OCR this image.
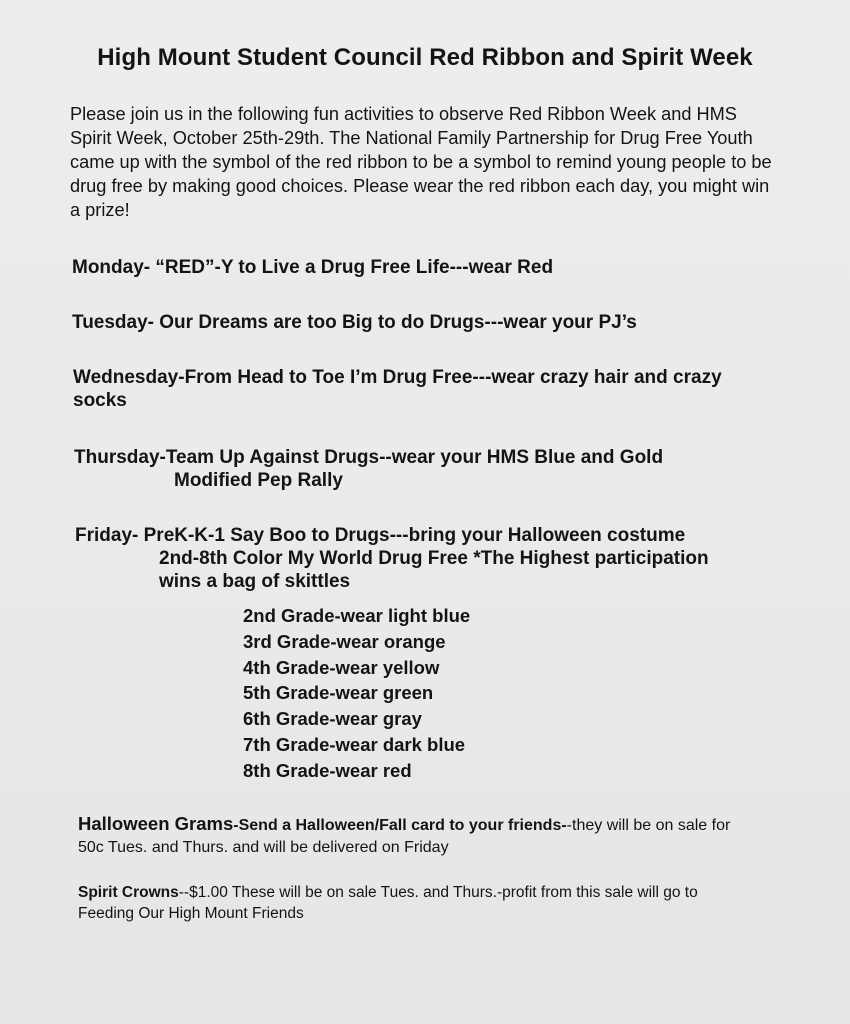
High Mount Student Council Red Ribbon and Spirit Week
Please join us in the following fun activities to observe Red Ribbon Week and HMS
Spirit Week, October 25th-29th. The National Family Partnership for Drug Free Youth
came up with the symbol of the red ribbon to be a symbol to remind young people to be
drug free by making good choices. Please wear the red ribbon each day, you might win
a prize!
Monday- “RED”-Y to Live a Drug Free Life---wear Red
Tuesday- Our Dreams are too Big to do Drugs---wear your PJ’s
Wednesday-From Head to Toe I’m Drug Free---wear crazy hair and crazy
socks
Thursday-Team Up Against Drugs--wear your HMS Blue and Gold
Modified Pep Rally
Friday- PreK-K-1 Say Boo to Drugs---bring your Halloween costume
2nd-8th Color My World Drug Free *The Highest participation
wins a bag of skittles
2nd Grade-wear light blue
3rd Grade-wear orange
4th Grade-wear yellow
5th Grade-wear green
6th Grade-wear gray
7th Grade-wear dark blue
8th Grade-wear red
Halloween Grams-Send a Halloween/Fall card to your friends--they will be on sale for
50c Tues. and Thurs. and will be delivered on Friday
Spirit Crowns--$1.00 These will be on sale Tues. and Thurs.-profit from this sale will go to
Feeding Our High Mount Friends
